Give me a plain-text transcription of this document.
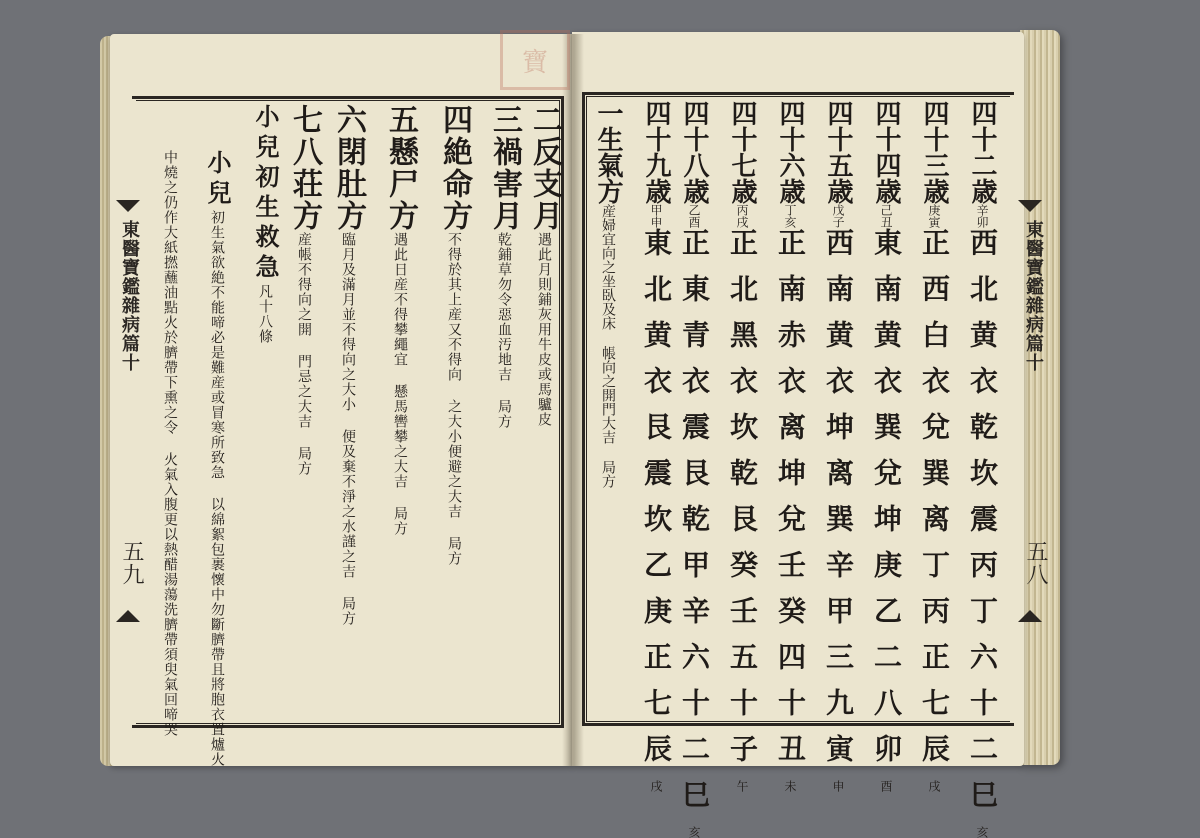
寶
東醫寶鑑雜病篇十
五九
二反支月遇此月則鋪灰用牛皮或馬驢皮
三禍害月乾鋪草勿令惡血汚地吉 局方
四絶命方不得於其上産又不得向 之大小便避之大吉 局方
五懸尸方遇此日産不得攀繩宜 懸馬轡攀之大吉 局方
六閉肚方臨月及滿月並不得向之大小 便及棄不淨之水謹之吉 局方
七八荘方産帳不得向之開 門忌之大吉 局方
小兒初生救急凡十八條
小兒初生氣欲絶不能啼必是難産或冒寒所致急 以綿絮包裹懷中勿斷臍帶且將胞衣置爐火
中燒之仍作大紙撚蘸油點火於臍帶下熏之令 火氣入腹更以熱醋湯蕩洗臍帶須臾氣回啼哭	東醫寶鑑雜病篇十
五八
四十二歳辛卯西北黄衣乾坎震丙丁六十二巳亥
四十三歳庚寅正西白衣兌巽离丁丙正七辰戌
四十四歳己丑東南黄衣巽兌坤庚乙二八卯酉
四十五歳戊子西南黄衣坤离巽辛甲三九寅申
四十六歳丁亥正南赤衣离坤兌壬癸四十丑未
四十七歳丙戌正北黑衣坎乾艮癸壬五十子午
四十八歳乙酉正東青衣震艮乾甲辛六十二巳亥
四十九歳甲申東北黄衣艮震坎乙庚正七辰戌
一生氣方産婦宜向之坐臥及床 帳向之開門大吉 局方
